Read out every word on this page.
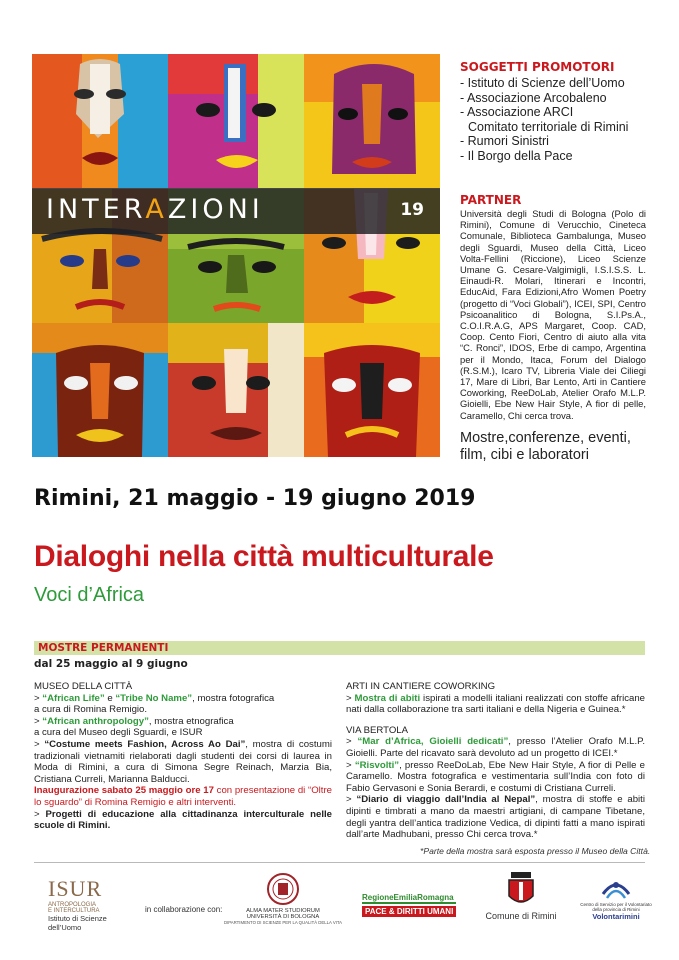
INTERAZIONI	19
SOGGETTI PROMOTORI
- Istituto di Scienze dell’Uomo
- Associazione Arcobaleno
- Associazione ARCI
Comitato territoriale di Rimini
- Rumori Sinistri
- Il Borgo della Pace
PARTNER
Università degli Studi di Bologna (Polo di Rimini), Comune di Verucchio, Cineteca Comunale, Biblioteca Gambalunga, Museo degli Sguardi, Museo della Città, Liceo Volta-Fellini (Riccione), Liceo Scienze Umane G. Cesare-Valgimigli, I.S.I.S.S. L. Einaudi-R. Molari, Itinerari e Incontri, EducAid, Fara Edizioni,Afro Women Poetry (progetto di “Voci Globali”), ICEI, SPI, Centro Psicoanalitico di Bologna, S.I.Ps.A., C.O.I.R.A.G, APS Margaret, Coop. CAD, Coop. Cento Fiori, Centro di aiuto alla vita “C. Ronci”, IDOS, Erbe di campo, Argentina per il Mondo, Itaca, Forum del Dialogo (R.S.M.), Icaro TV, Libreria Viale dei Ciliegi 17, Mare di Libri, Bar Lento, Arti in Cantiere Coworking, ReeDoLab, Atelier Orafo M.L.P. Gioielli, Ebe New Hair Style, A fior di pelle, Caramello, Chi cerca trova.
Mostre,conferenze, eventi,
film, cibi e laboratori
Rimini, 21 maggio - 19 giugno 2019
Dialoghi nella città multiculturale
Voci d’Africa
MOSTRE PERMANENTI
dal 25 maggio al 9 giugno

MUSEO DELLA CITTÀ

> “African Life” e “Tribe No Name”, mostra fotografica

a cura di Romina Remigio.

> “African anthropology”, mostra etnografica

a cura del Museo degli Sguardi, e ISUR

> “Costume meets Fashion, Across Ao Dai”, mostra di costumi tradizionali vietnamiti rielaborati dagli studenti dei corsi di laurea in Moda di Rimini, a cura di Simona Segre Reinach, Marzia Bia, Cristiana Curreli, Marianna Balducci.

Inaugurazione sabato 25 maggio ore 17 con presentazione di “Oltre lo sguardo” di Romina Remigio e altri interventi.

> Progetti di educazione alla cittadinanza interculturale nelle scuole di Rimini.

ARTI IN CANTIERE COWORKING

> Mostra di abiti ispirati a modelli italiani realizzati con stoffe africane nati dalla collaborazione tra sarti italiani e della Nigeria e Guinea.*

VIA BERTOLA

> “Mar d’Africa, Gioielli dedicati”, presso l’Atelier Orafo M.L.P. Gioielli. Parte del ricavato sarà devoluto ad un progetto di ICEI.*

> “Risvolti”, presso ReeDoLab, Ebe New Hair Style, A fior di Pelle e Caramello. Mostra fotografica e vestimentaria sull’India con foto di Fabio Gervasoni e Sonia Berardi, e costumi di Cristiana Curreli.

> “Diario di viaggio dall’India al Nepal”, mostra di stoffe e abiti dipinti e timbrati a mano da maestri artigiani, di campane Tibetane, degli yantra dell’antica tradizione Vedica, di dipinti fatti a mano ispirati dall’arte Madhubani, presso Chi cerca trova.*

*Parte della mostra sarà esposta presso il Museo della Città.
ISUR
ANTROPOLOGIA
E INTERCULTURA
Istituto di Scienze dell’Uomo
in collaborazione con:	ALMA MATER STUDIORUM
UNIVERSITÀ DI BOLOGNA
DIPARTIMENTO DI SCIENZE PER LA QUALITÀ DELLA VITA
RegioneEmiliaRomagna
PACE & DIRITTI UMANI	Comune di Rimini
Centro di Servizio per il Volontariato
della provincia di Rimini
Volontarimini
